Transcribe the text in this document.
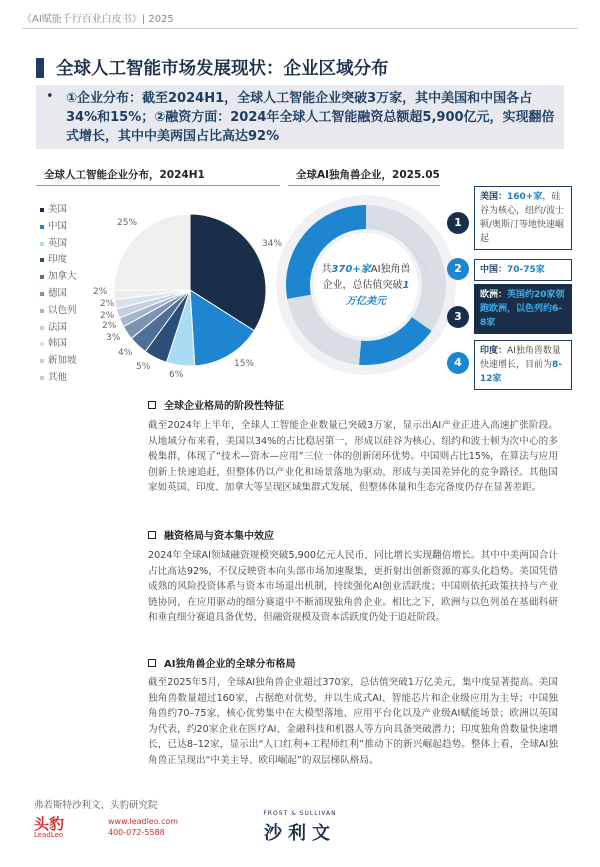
《AI赋能千行百业白皮书》| 2025
全球人工智能市场发展现状：企业区域分布
• ①企业分布：截至2024H1，全球人工智能企业突破3万家，其中美国和中国各占34%和15%；②融资方面：2024年全球人工智能融资总额超5,900亿元，实现翻倍式增长，其中中美两国占比高达92%
全球人工智能企业分布，2024H1	全球AI独角兽企业，2025.05
美国
中国
英国
印度
加拿大
德国
以色列
法国
韩国
新加坡
其他
34%
15%
6%
5%
4%
3%
2%
2%
2%
2%
25%
共370+家AI独角兽企业，总估值突破1万亿美元
1
2
3
4
美国：160+家，硅谷为核心，纽约/波士顿/奥斯汀等地快速崛起
中国：70-75家
欧洲：英国约20家领跑欧洲，以色列约6-8家
印度：AI独角兽数量快速增长，目前为8-12家
全球企业格局的阶段性特征
截至2024年上半年，全球人工智能企业数量已突破3万家，显示出AI产业正进入高速扩张阶段。从地域分布来看，美国以34%的占比稳居第一，形成以硅谷为核心、纽约和波士顿为次中心的多极集群，体现了“技术—资本—应用”三位一体的创新闭环优势。中国则占比15%，在算法与应用创新上快速追赶，但整体仍以产业化和场景落地为驱动，形成与美国差异化的竞争路径。其他国家如英国、印度、加拿大等呈现区域集群式发展，但整体体量和生态完备度仍存在显著差距。
融资格局与资本集中效应
2024年全球AI领域融资规模突破5,900亿元人民币，同比增长实现翻倍增长。其中中美两国合计占比高达92%，不仅反映资本向头部市场加速聚集，更折射出创新资源的寡头化趋势。美国凭借成熟的风险投资体系与资本市场退出机制，持续强化AI创业活跃度；中国则依托政策扶持与产业链协同，在应用驱动的细分赛道中不断涌现独角兽企业。相比之下，欧洲与以色列虽在基础科研和垂直细分赛道具备优势，但融资规模及资本活跃度仍处于追赶阶段。
AI独角兽企业的全球分布格局
截至2025年5月，全球AI独角兽企业超过370家，总估值突破1万亿美元，集中度显著提高。美国独角兽数量超过160家，占据绝对优势，并以生成式AI、智能芯片和企业级应用为主导；中国独角兽约70–75家，核心优势集中在大模型落地、应用平台化以及产业级AI赋能场景；欧洲以英国为代表，约20家企业在医疗AI、金融科技和机器人等方向具备突破潜力；印度独角兽数量快速增长，已达8–12家，显示出“人口红利+工程师红利”推动下的新兴崛起趋势。整体上看，全球AI独角兽正呈现出“中美主导、欧印崛起”的双层梯队格局。
弗若斯特沙利文、头豹研究院
头豹
LeadLeo
www.leadleo.com
400-072-5588
FROST & SULLIVAN
沙利文
